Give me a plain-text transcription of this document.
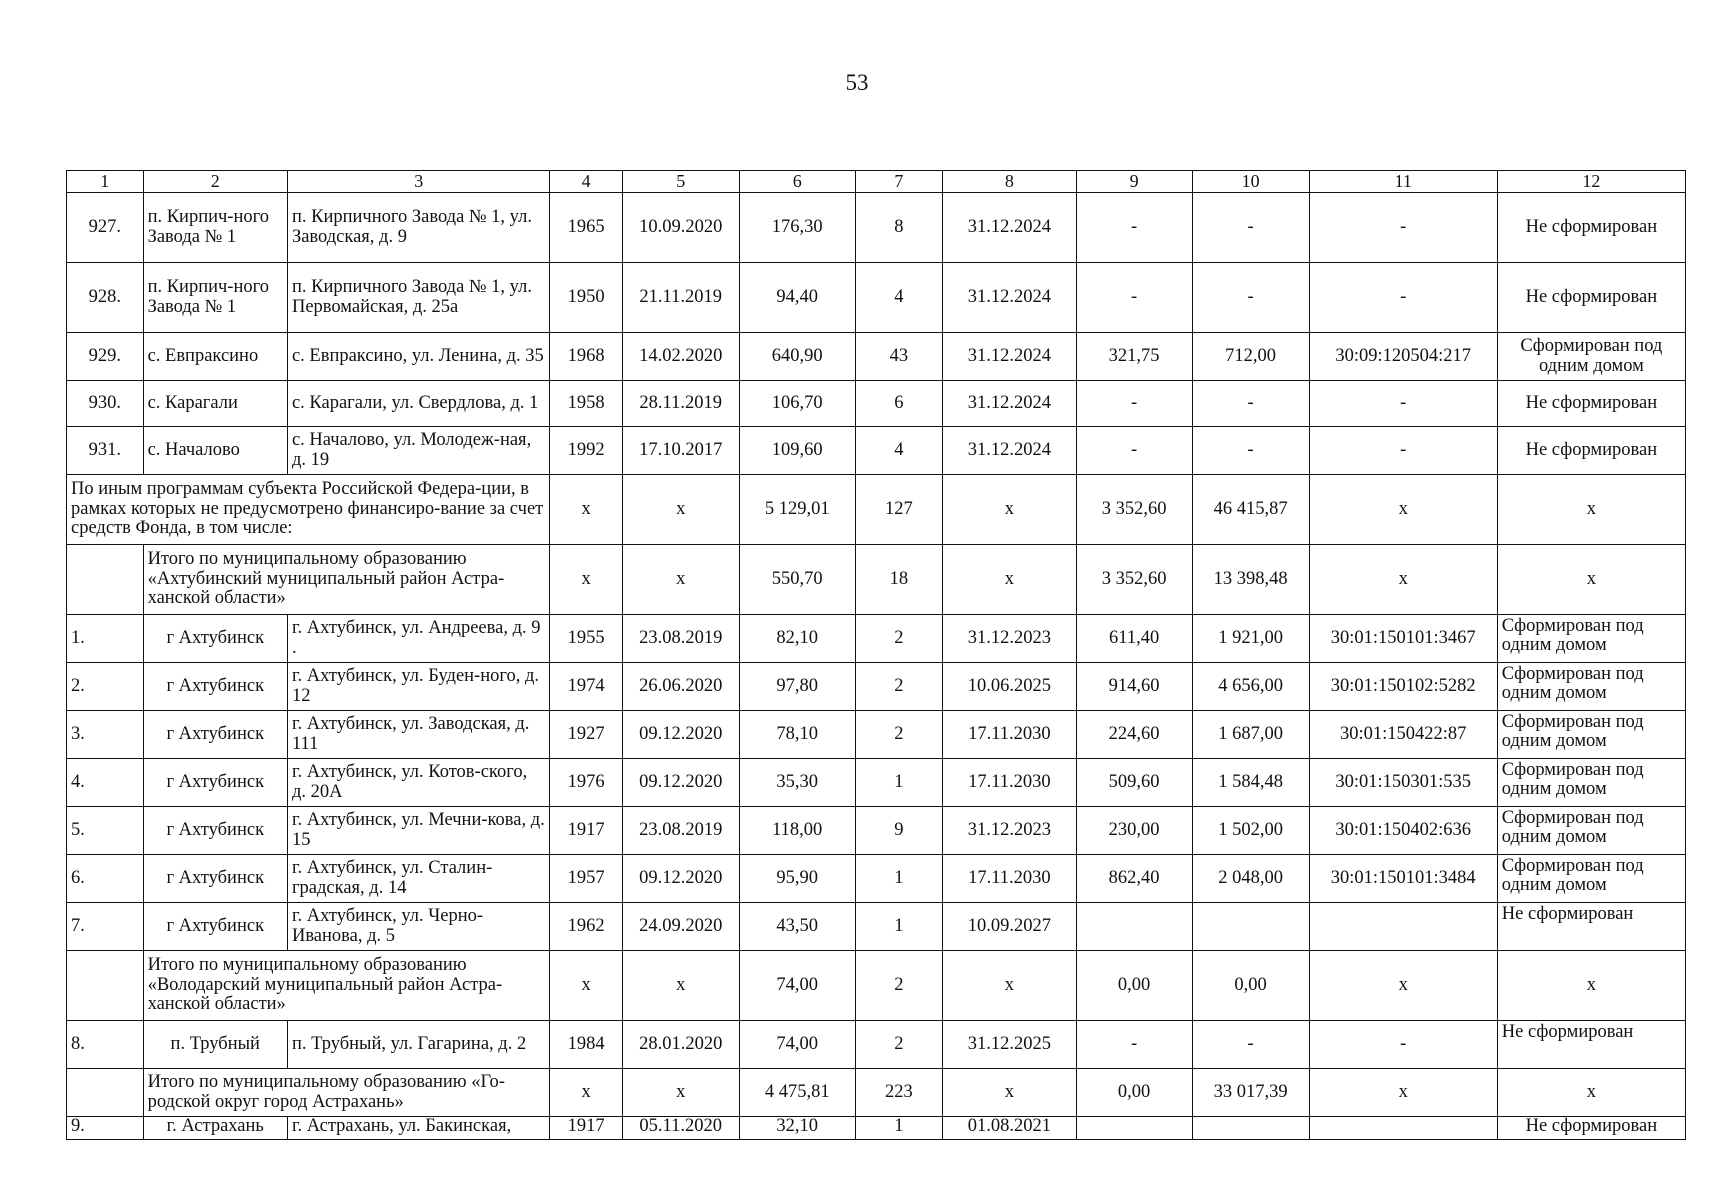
53
1	2	3	4	5	6	7	8	9	10	11	12
927.	п. Кирпич-ного Завода № 1	п. Кирпичного Завода № 1, ул. Заводская, д. 9	1965	10.09.2020	176,30	8	31.12.2024	-	-	-	Не сформирован
928.	п. Кирпич-ного Завода № 1	п. Кирпичного Завода № 1, ул. Первомайская, д. 25а	1950	21.11.2019	94,40	4	31.12.2024	-	-	-	Не сформирован
929.	с. Евпраксино	с. Евпраксино, ул. Ленина, д. 35	1968	14.02.2020	640,90	43	31.12.2024	321,75	712,00	30:09:120504:217	Сформирован под одним домом
930.	с. Карагали	с. Карагали, ул. Свердлова, д. 1	1958	28.11.2019	106,70	6	31.12.2024	-	-	-	Не сформирован
931.	с. Началово	с. Началово, ул. Молодеж-ная, д. 19	1992	17.10.2017	109,60	4	31.12.2024	-	-	-	Не сформирован
По иным программам субъекта Российской Федера-ции, в рамках которых не предусмотрено финансиро-вание за счет средств Фонда, в том числе:			x	x	5 129,01	127	x	3 352,60	46 415,87	x	x
	Итого по муниципальному образованию «Ахтубинский муниципальный район Астра-ханской области»		x	x	550,70	18	x	3 352,60	13 398,48	x	x
1.	г Ахтубинск	г. Ахтубинск, ул. Андреева, д. 9 .	1955	23.08.2019	82,10	2	31.12.2023	611,40	1 921,00	30:01:150101:3467	Сформирован под одним домом
2.	г Ахтубинск	г. Ахтубинск, ул. Буден-ного, д. 12	1974	26.06.2020	97,80	2	10.06.2025	914,60	4 656,00	30:01:150102:5282	Сформирован под одним домом
3.	г Ахтубинск	г. Ахтубинск, ул. Заводская, д. 111	1927	09.12.2020	78,10	2	17.11.2030	224,60	1 687,00	30:01:150422:87	Сформирован под одним домом
4.	г Ахтубинск	г. Ахтубинск, ул. Котов-ского, д. 20А	1976	09.12.2020	35,30	1	17.11.2030	509,60	1 584,48	30:01:150301:535	Сформирован под одним домом
5.	г Ахтубинск	г. Ахтубинск, ул. Мечни-кова, д. 15	1917	23.08.2019	118,00	9	31.12.2023	230,00	1 502,00	30:01:150402:636	Сформирован под одним домом
6.	г Ахтубинск	г. Ахтубинск, ул. Сталин-градская, д. 14	1957	09.12.2020	95,90	1	17.11.2030	862,40	2 048,00	30:01:150101:3484	Сформирован под одним домом
7.	г Ахтубинск	г. Ахтубинск, ул. Черно-Иванова, д. 5	1962	24.09.2020	43,50	1	10.09.2027				Не сформирован
	Итого по муниципальному образованию «Володарский муниципальный район Астра-ханской области»		x	x	74,00	2	x	0,00	0,00	x	x
8.	п. Трубный	п. Трубный, ул. Гагарина, д. 2	1984	28.01.2020	74,00	2	31.12.2025	-	-	-	Не сформирован
	Итого по муниципальному образованию «Го-родской округ город Астрахань»		x	x	4 475,81	223	x	0,00	33 017,39	x	x
9.	г. Астрахань	г. Астрахань, ул. Бакинская,	1917	05.11.2020	32,10	1	01.08.2021				Не сформирован
